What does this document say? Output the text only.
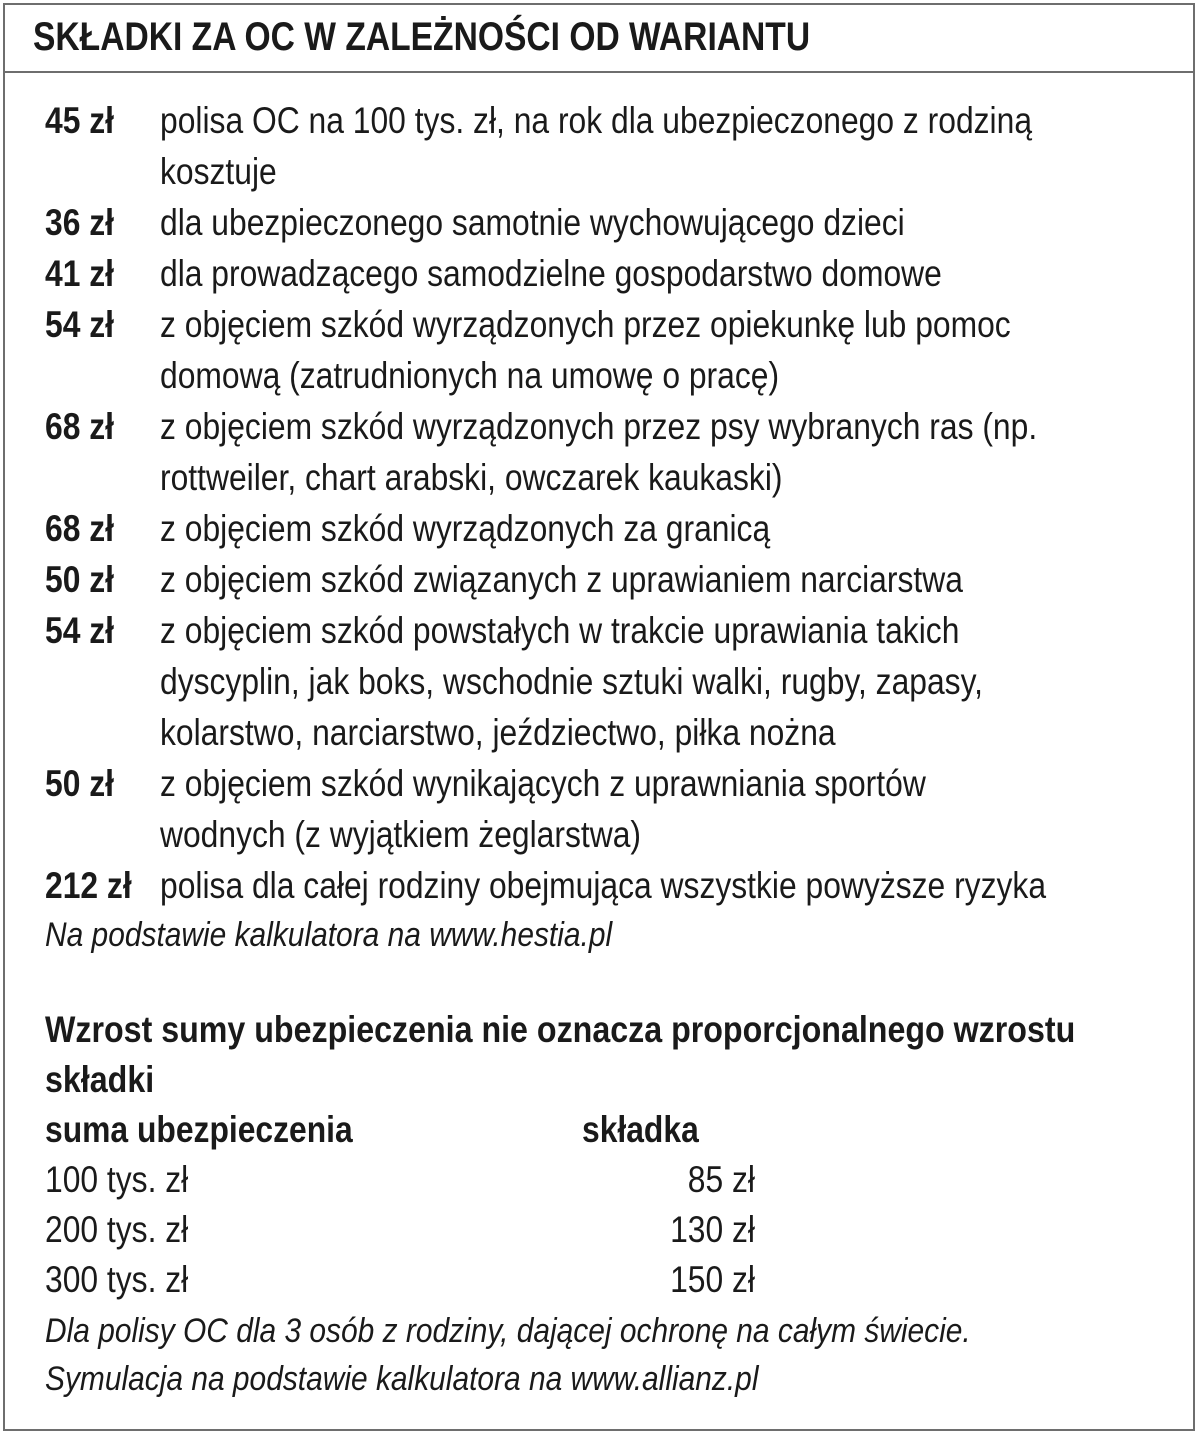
SKŁADKI ZA OC W ZALEŻNOŚCI OD WARIANTU
45 zł	polisa OC na 100 tys. zł, na rok dla ubezpieczonego z rodziną kosztuje
36 zł	dla ubezpieczonego samotnie wychowującego dzieci
41 zł	dla prowadzącego samodzielne gospodarstwo domowe
54 zł	z objęciem szkód wyrządzonych przez opiekunkę lub pomoc domową (zatrudnionych na umowę o pracę)
68 zł	z objęciem szkód wyrządzonych przez psy wybranych ras (np. rottweiler, chart arabski, owczarek kaukaski)
68 zł	z objęciem szkód wyrządzonych za granicą
50 zł	z objęciem szkód związanych z uprawianiem narciarstwa
54 zł	z objęciem szkód powstałych w trakcie uprawiania takich dyscyplin, jak boks, wschodnie sztuki walki, rugby, zapasy, kolarstwo, narciarstwo, jeździectwo, piłka nożna
50 zł	z objęciem szkód wynikających z uprawniania sportów wodnych (z wyjątkiem żeglarstwa)
212 zł polisa dla całej rodziny obejmująca wszystkie powyższe ryzyka
Na podstawie kalkulatora na www.hestia.pl
Wzrost sumy ubezpieczenia nie oznacza proporcjonalnego wzrostu składki
suma ubezpieczenia	składka
100 tys. zł	85 zł
200 tys. zł	130 zł
300 tys. zł	150 zł
Dla polisy OC dla 3 osób z rodziny, dającej ochronę na całym świecie.
Symulacja na podstawie kalkulatora na www.allianz.pl
